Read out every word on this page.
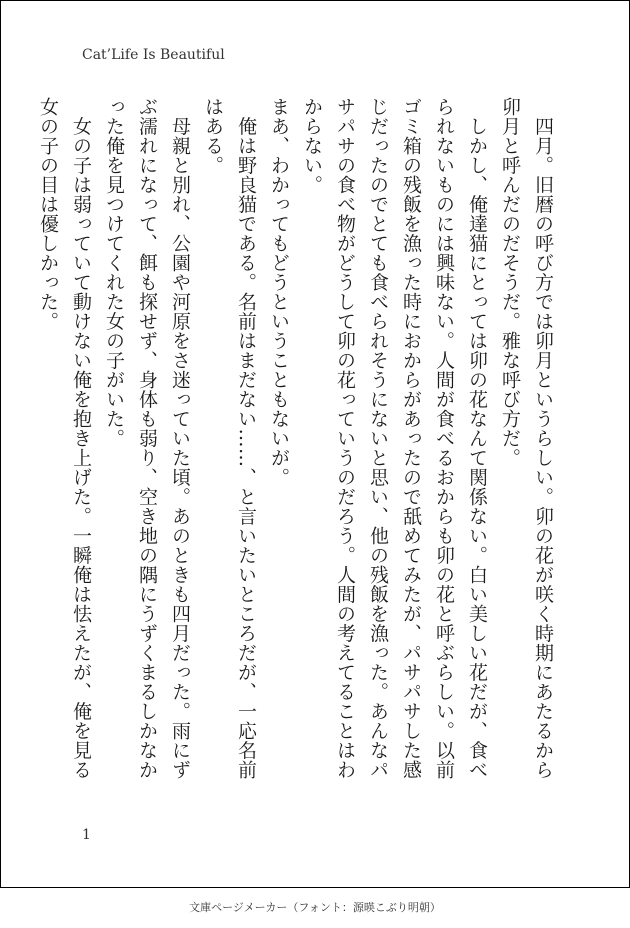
Cat’Life Is Beautiful

　四月。旧暦の呼び方では卯月というらしい。卯の花が咲く時期にあたるから卯月と呼んだのだそうだ。雅な呼び方だ。

　しかし、俺達猫にとっては卯の花なんて関係ない。白い美しい花だが、食べられないものには興味ない。人間が食べるおからも卯の花と呼ぶらしい。以前ゴミ箱の残飯を漁った時におからがあったので舐めてみたが、パサパサした感じだったのでとても食べられそうにないと思い、他の残飯を漁った。あんなパサパサの食べ物がどうして卯の花っていうのだろう。人間の考えてることはわからない。

まあ、わかってもどうということもないが。

　俺は野良猫である。名前はまだない……、と言いたいところだが、一応名前はある。

　母親と別れ、公園や河原をさ迷っていた頃。あのときも四月だった。雨にずぶ濡れになって、餌も探せず、身体も弱り、空き地の隅にうずくまるしかなかった俺を見つけてくれた女の子がいた。

　女の子は弱っていて動けない俺を抱き上げた。一瞬俺は怯えたが、俺を見る女の子の目は優しかった。

1
文庫ページメーカー（フォント：源暎こぶり明朝）
